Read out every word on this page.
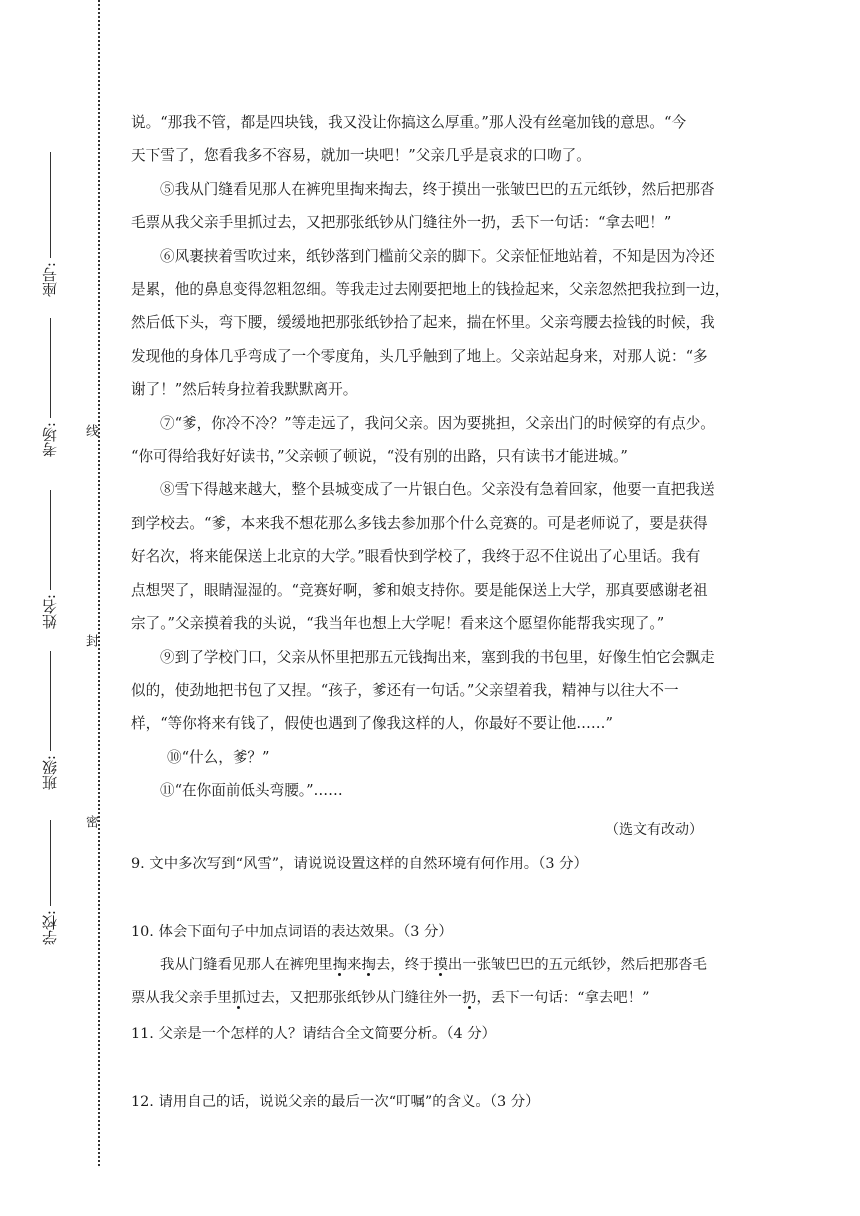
座号:
考场:
姓名:
班级:
学校:
线
封
密

说。“那我不管，都是四块钱，我又没让你搞这么厚重。”那人没有丝毫加钱的意思。“今
天下雪了，您看我多不容易，就加一块吧！”父亲几乎是哀求的口吻了。

⑤我从门缝看见那人在裤兜里掏来掏去，终于摸出一张皱巴巴的五元纸钞，然后把那沓
毛票从我父亲手里抓过去，又把那张纸钞从门缝往外一扔，丢下一句话：“拿去吧！”

⑥风裹挟着雪吹过来，纸钞落到门槛前父亲的脚下。父亲怔怔地站着，不知是因为冷还
是累，他的鼻息变得忽粗忽细。等我走过去刚要把地上的钱捡起来，父亲忽然把我拉到一边，
然后低下头，弯下腰，缓缓地把那张纸钞拾了起来，揣在怀里。父亲弯腰去捡钱的时候，我
发现他的身体几乎弯成了一个零度角，头几乎触到了地上。父亲站起身来，对那人说：“多
谢了！”然后转身拉着我默默离开。

⑦“爹，你冷不冷？”等走远了，我问父亲。因为要挑担，父亲出门的时候穿的有点少。
“你可得给我好好读书，”父亲顿了顿说，“没有别的出路，只有读书才能进城。”

⑧雪下得越来越大，整个县城变成了一片银白色。父亲没有急着回家，他要一直把我送
到学校去。“爹，本来我不想花那么多钱去参加那个什么竞赛的。可是老师说了，要是获得
好名次，将来能保送上北京的大学。”眼看快到学校了，我终于忍不住说出了心里话。我有
点想哭了，眼睛湿湿的。“竞赛好啊，爹和娘支持你。要是能保送上大学，那真要感谢老祖
宗了。”父亲摸着我的头说，“我当年也想上大学呢！看来这个愿望你能帮我实现了。”

⑨到了学校门口，父亲从怀里把那五元钱掏出来，塞到我的书包里，好像生怕它会飘走
似的，使劲地把书包了又捏。“孩子，爹还有一句话。”父亲望着我，精神与以往大不一
样，“等你将来有钱了，假使也遇到了像我这样的人，你最好不要让他……”

⑩“什么，爹？”

⑪“在你面前低头弯腰。”……

（选文有改动）
9. 文中多次写到“风雪”，请说说设置这样的自然环境有何作用。（3 分）
10. 体会下面句子中加点词语的表达效果。（3 分）
我从门缝看见那人在裤兜里掏来掏去，终于摸出一张皱巴巴的五元纸钞，然后把那沓毛
票从我父亲手里抓过去，又把那张纸钞从门缝往外一扔，丢下一句话：“拿去吧！”
11. 父亲是一个怎样的人？请结合全文简要分析。（4 分）
12. 请用自己的话，说说父亲的最后一次“叮嘱”的含义。（3 分）
